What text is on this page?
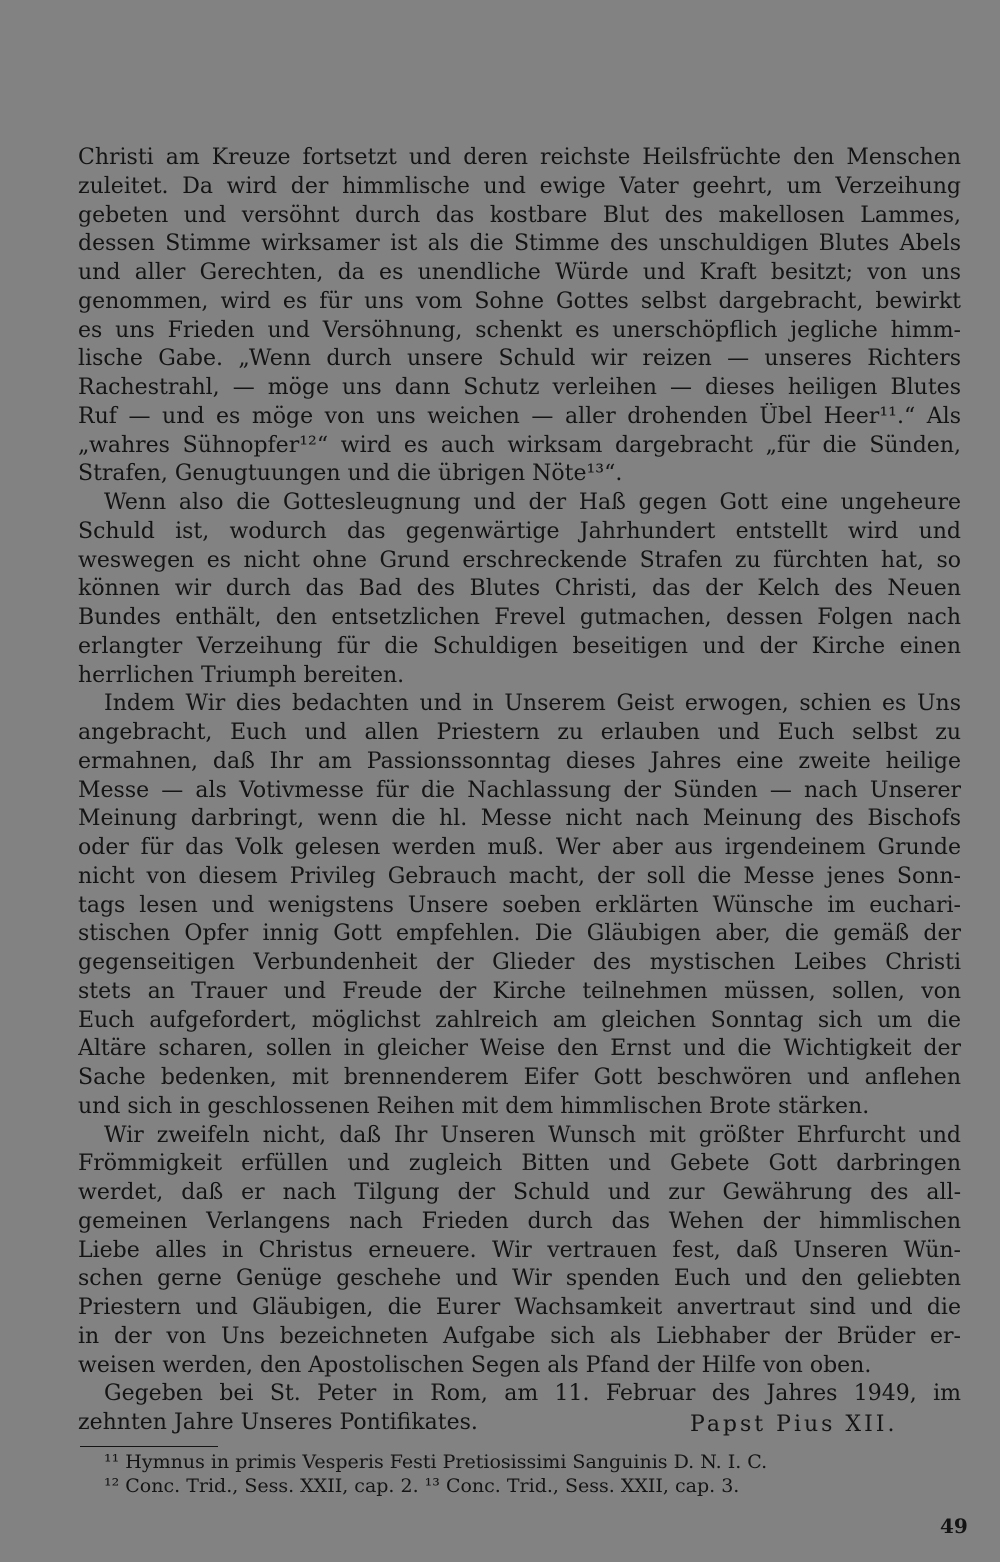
Christi am Kreuze fortsetzt und deren reichste Heilsfrüchte den Menschen
zuleitet. Da wird der himmlische und ewige Vater geehrt, um Verzeihung
gebeten und versöhnt durch das kostbare Blut des makellosen Lammes,
dessen Stimme wirksamer ist als die Stimme des unschuldigen Blutes Abels
und aller Gerechten, da es unendliche Würde und Kraft besitzt; von uns
genommen, wird es für uns vom Sohne Gottes selbst dargebracht, bewirkt
es uns Frieden und Versöhnung, schenkt es unerschöpflich jegliche himm-
lische Gabe. „Wenn durch unsere Schuld wir reizen — unseres Richters
Rachestrahl, — möge uns dann Schutz verleihen — dieses heiligen Blutes
Ruf — und es möge von uns weichen — aller drohenden Übel Heer¹¹.“ Als
„wahres Sühnopfer¹²“ wird es auch wirksam dargebracht „für die Sünden,
Strafen, Genugtuungen und die übrigen Nöte¹³“.
Wenn also die Gottesleugnung und der Haß gegen Gott eine ungeheure
Schuld ist, wodurch das gegenwärtige Jahrhundert entstellt wird und
weswegen es nicht ohne Grund erschreckende Strafen zu fürchten hat, so
können wir durch das Bad des Blutes Christi, das der Kelch des Neuen
Bundes enthält, den entsetzlichen Frevel gutmachen, dessen Folgen nach
erlangter Verzeihung für die Schuldigen beseitigen und der Kirche einen
herrlichen Triumph bereiten.
Indem Wir dies bedachten und in Unserem Geist erwogen, schien es Uns
angebracht, Euch und allen Priestern zu erlauben und Euch selbst zu
ermahnen, daß Ihr am Passionssonntag dieses Jahres eine zweite heilige
Messe — als Votivmesse für die Nachlassung der Sünden — nach Unserer
Meinung darbringt, wenn die hl. Messe nicht nach Meinung des Bischofs
oder für das Volk gelesen werden muß. Wer aber aus irgendeinem Grunde
nicht von diesem Privileg Gebrauch macht, der soll die Messe jenes Sonn-
tags lesen und wenigstens Unsere soeben erklärten Wünsche im euchari-
stischen Opfer innig Gott empfehlen. Die Gläubigen aber, die gemäß der
gegenseitigen Verbundenheit der Glieder des mystischen Leibes Christi
stets an Trauer und Freude der Kirche teilnehmen müssen, sollen, von
Euch aufgefordert, möglichst zahlreich am gleichen Sonntag sich um die
Altäre scharen, sollen in gleicher Weise den Ernst und die Wichtigkeit der
Sache bedenken, mit brennenderem Eifer Gott beschwören und anflehen
und sich in geschlossenen Reihen mit dem himmlischen Brote stärken.
Wir zweifeln nicht, daß Ihr Unseren Wunsch mit größter Ehrfurcht und
Frömmigkeit erfüllen und zugleich Bitten und Gebete Gott darbringen
werdet, daß er nach Tilgung der Schuld und zur Gewährung des all-
gemeinen Verlangens nach Frieden durch das Wehen der himmlischen
Liebe alles in Christus erneuere. Wir vertrauen fest, daß Unseren Wün-
schen gerne Genüge geschehe und Wir spenden Euch und den geliebten
Priestern und Gläubigen, die Eurer Wachsamkeit anvertraut sind und die
in der von Uns bezeichneten Aufgabe sich als Liebhaber der Brüder er-
weisen werden, den Apostolischen Segen als Pfand der Hilfe von oben.
Gegeben bei St. Peter in Rom, am 11. Februar des Jahres 1949, im
zehnten Jahre Unseres Pontifikates.	Papst Pius XII.
¹¹ Hymnus in primis Vesperis Festi Pretiosissimi Sanguinis D. N. I. C.
¹² Conc. Trid., Sess. XXII, cap. 2. ¹³ Conc. Trid., Sess. XXII, cap. 3.
49
